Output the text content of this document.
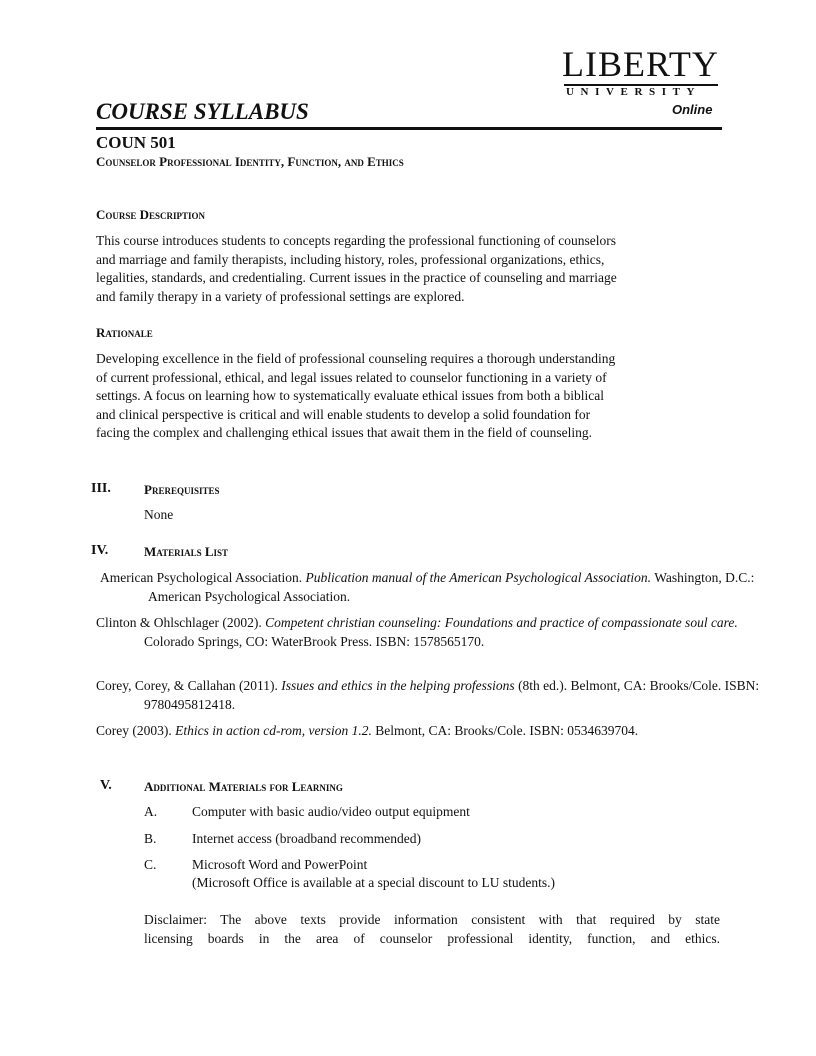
LIBERTY
UNIVERSITY
Online
COURSE SYLLABUS
COUN 501
Counselor Professional Identity, Function, and Ethics
Course Description
This course introduces students to concepts regarding the professional functioning of counselors
and marriage and family therapists, including history, roles, professional organizations, ethics,
legalities, standards, and credentialing. Current issues in the practice of counseling and marriage
and family therapy in a variety of professional settings are explored.
Rationale
Developing excellence in the field of professional counseling requires a thorough understanding
of current professional, ethical, and legal issues related to counselor functioning in a variety of
settings. A focus on learning how to systematically evaluate ethical issues from both a biblical
and clinical perspective is critical and will enable students to develop a solid foundation for
facing the complex and challenging ethical issues that await them in the field of counseling.
III.	Prerequisites
None
IV.	Materials List
American Psychological Association. Publication manual of the American Psychological Association. Washington, D.C.: American Psychological Association.
Clinton & Ohlschlager (2002). Competent christian counseling: Foundations and practice of compassionate soul care. Colorado Springs, CO: WaterBrook Press. ISBN: 1578565170.
Corey, Corey, & Callahan (2011). Issues and ethics in the helping professions (8th ed.). Belmont, CA: Brooks/Cole. ISBN: 9780495812418.
Corey (2003). Ethics in action cd-rom, version 1.2. Belmont, CA: Brooks/Cole. ISBN: 0534639704.
V. Additional Materials for Learning
A.	Computer with basic audio/video output equipment
B.	Internet access (broadband recommended)
C.	Microsoft Word and PowerPoint
(Microsoft Office is available at a special discount to LU students.)
Disclaimer: The above texts provide information consistent with that required by state
licensing boards in the area of counselor professional identity, function, and ethics.
